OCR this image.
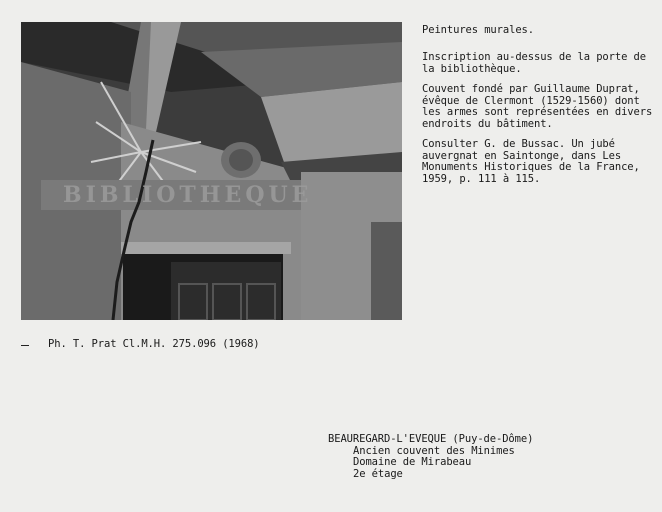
BIBLIOTHEQUE
Peintures murales.
Inscription au-dessus de la porte de
la bibliothèque.
Couvent fondé par Guillaume Duprat,
évêque de Clermont (1529-1560) dont
les armes sont représentées en divers
endroits du bâtiment.
Consulter G. de Bussac. Un jubé
auvergnat en Saintonge, dans Les
Monuments Historiques de la France,
1959, p. 111 à 115.
Ph. T. Prat Cl.M.H. 275.096 (1968)
BEAUREGARD-L'EVEQUE (Puy-de-Dôme)
Ancien couvent des Minimes
Domaine de Mirabeau
2e étage
